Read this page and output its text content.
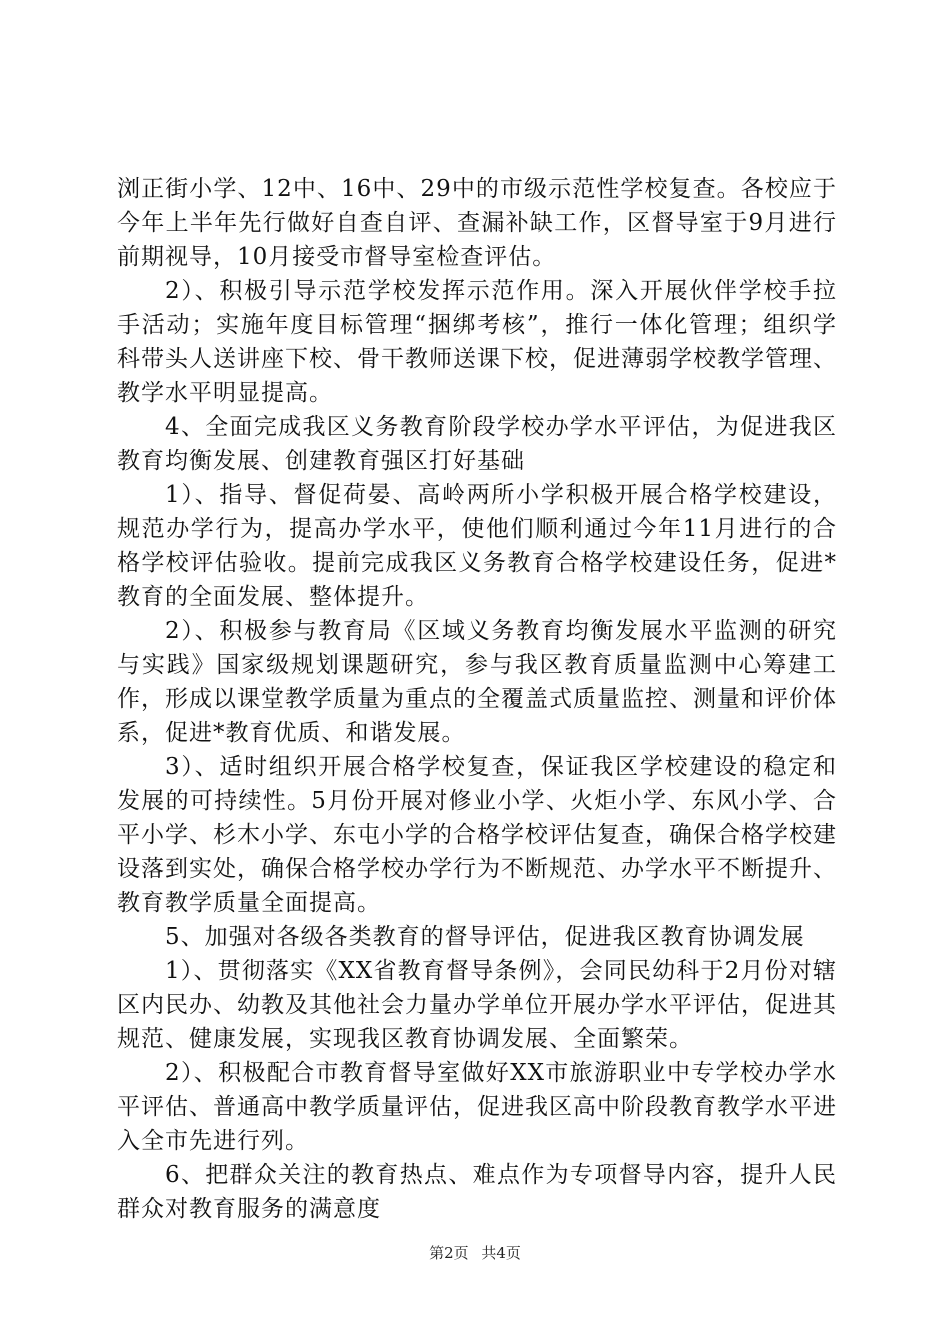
浏正街小学、12中、16中、29中的市级示范性学校复查。各校应于今年上半年先行做好自查自评、查漏补缺工作，区督导室于9月进行前期视导，10月接受市督导室检查评估。

2）、积极引导示范学校发挥示范作用。深入开展伙伴学校手拉手活动；实施年度目标管理“捆绑考核”，推行一体化管理；组织学科带头人送讲座下校、骨干教师送课下校，促进薄弱学校教学管理、教学水平明显提高。

4、全面完成我区义务教育阶段学校办学水平评估，为促进我区教育均衡发展、创建教育强区打好基础

1）、指导、督促荷晏、高岭两所小学积极开展合格学校建设，规范办学行为，提高办学水平，使他们顺利通过今年11月进行的合格学校评估验收。提前完成我区义务教育合格学校建设任务，促进*教育的全面发展、整体提升。

2）、积极参与教育局《区域义务教育均衡发展水平监测的研究与实践》国家级规划课题研究，参与我区教育质量监测中心筹建工作，形成以课堂教学质量为重点的全覆盖式质量监控、测量和评价体系，促进*教育优质、和谐发展。

3）、适时组织开展合格学校复查，保证我区学校建设的稳定和发展的可持续性。5月份开展对修业小学、火炬小学、东风小学、合平小学、杉木小学、东屯小学的合格学校评估复查，确保合格学校建设落到实处，确保合格学校办学行为不断规范、办学水平不断提升、教育教学质量全面提高。

5、加强对各级各类教育的督导评估，促进我区教育协调发展

1）、贯彻落实《XX省教育督导条例》，会同民幼科于2月份对辖区内民办、幼教及其他社会力量办学单位开展办学水平评估，促进其规范、健康发展，实现我区教育协调发展、全面繁荣。

2）、积极配合市教育督导室做好XX市旅游职业中专学校办学水平评估、普通高中教学质量评估，促进我区高中阶段教育教学水平进入全市先进行列。

6、把群众关注的教育热点、难点作为专项督导内容，提升人民群众对教育服务的满意度

第2页 共4页
